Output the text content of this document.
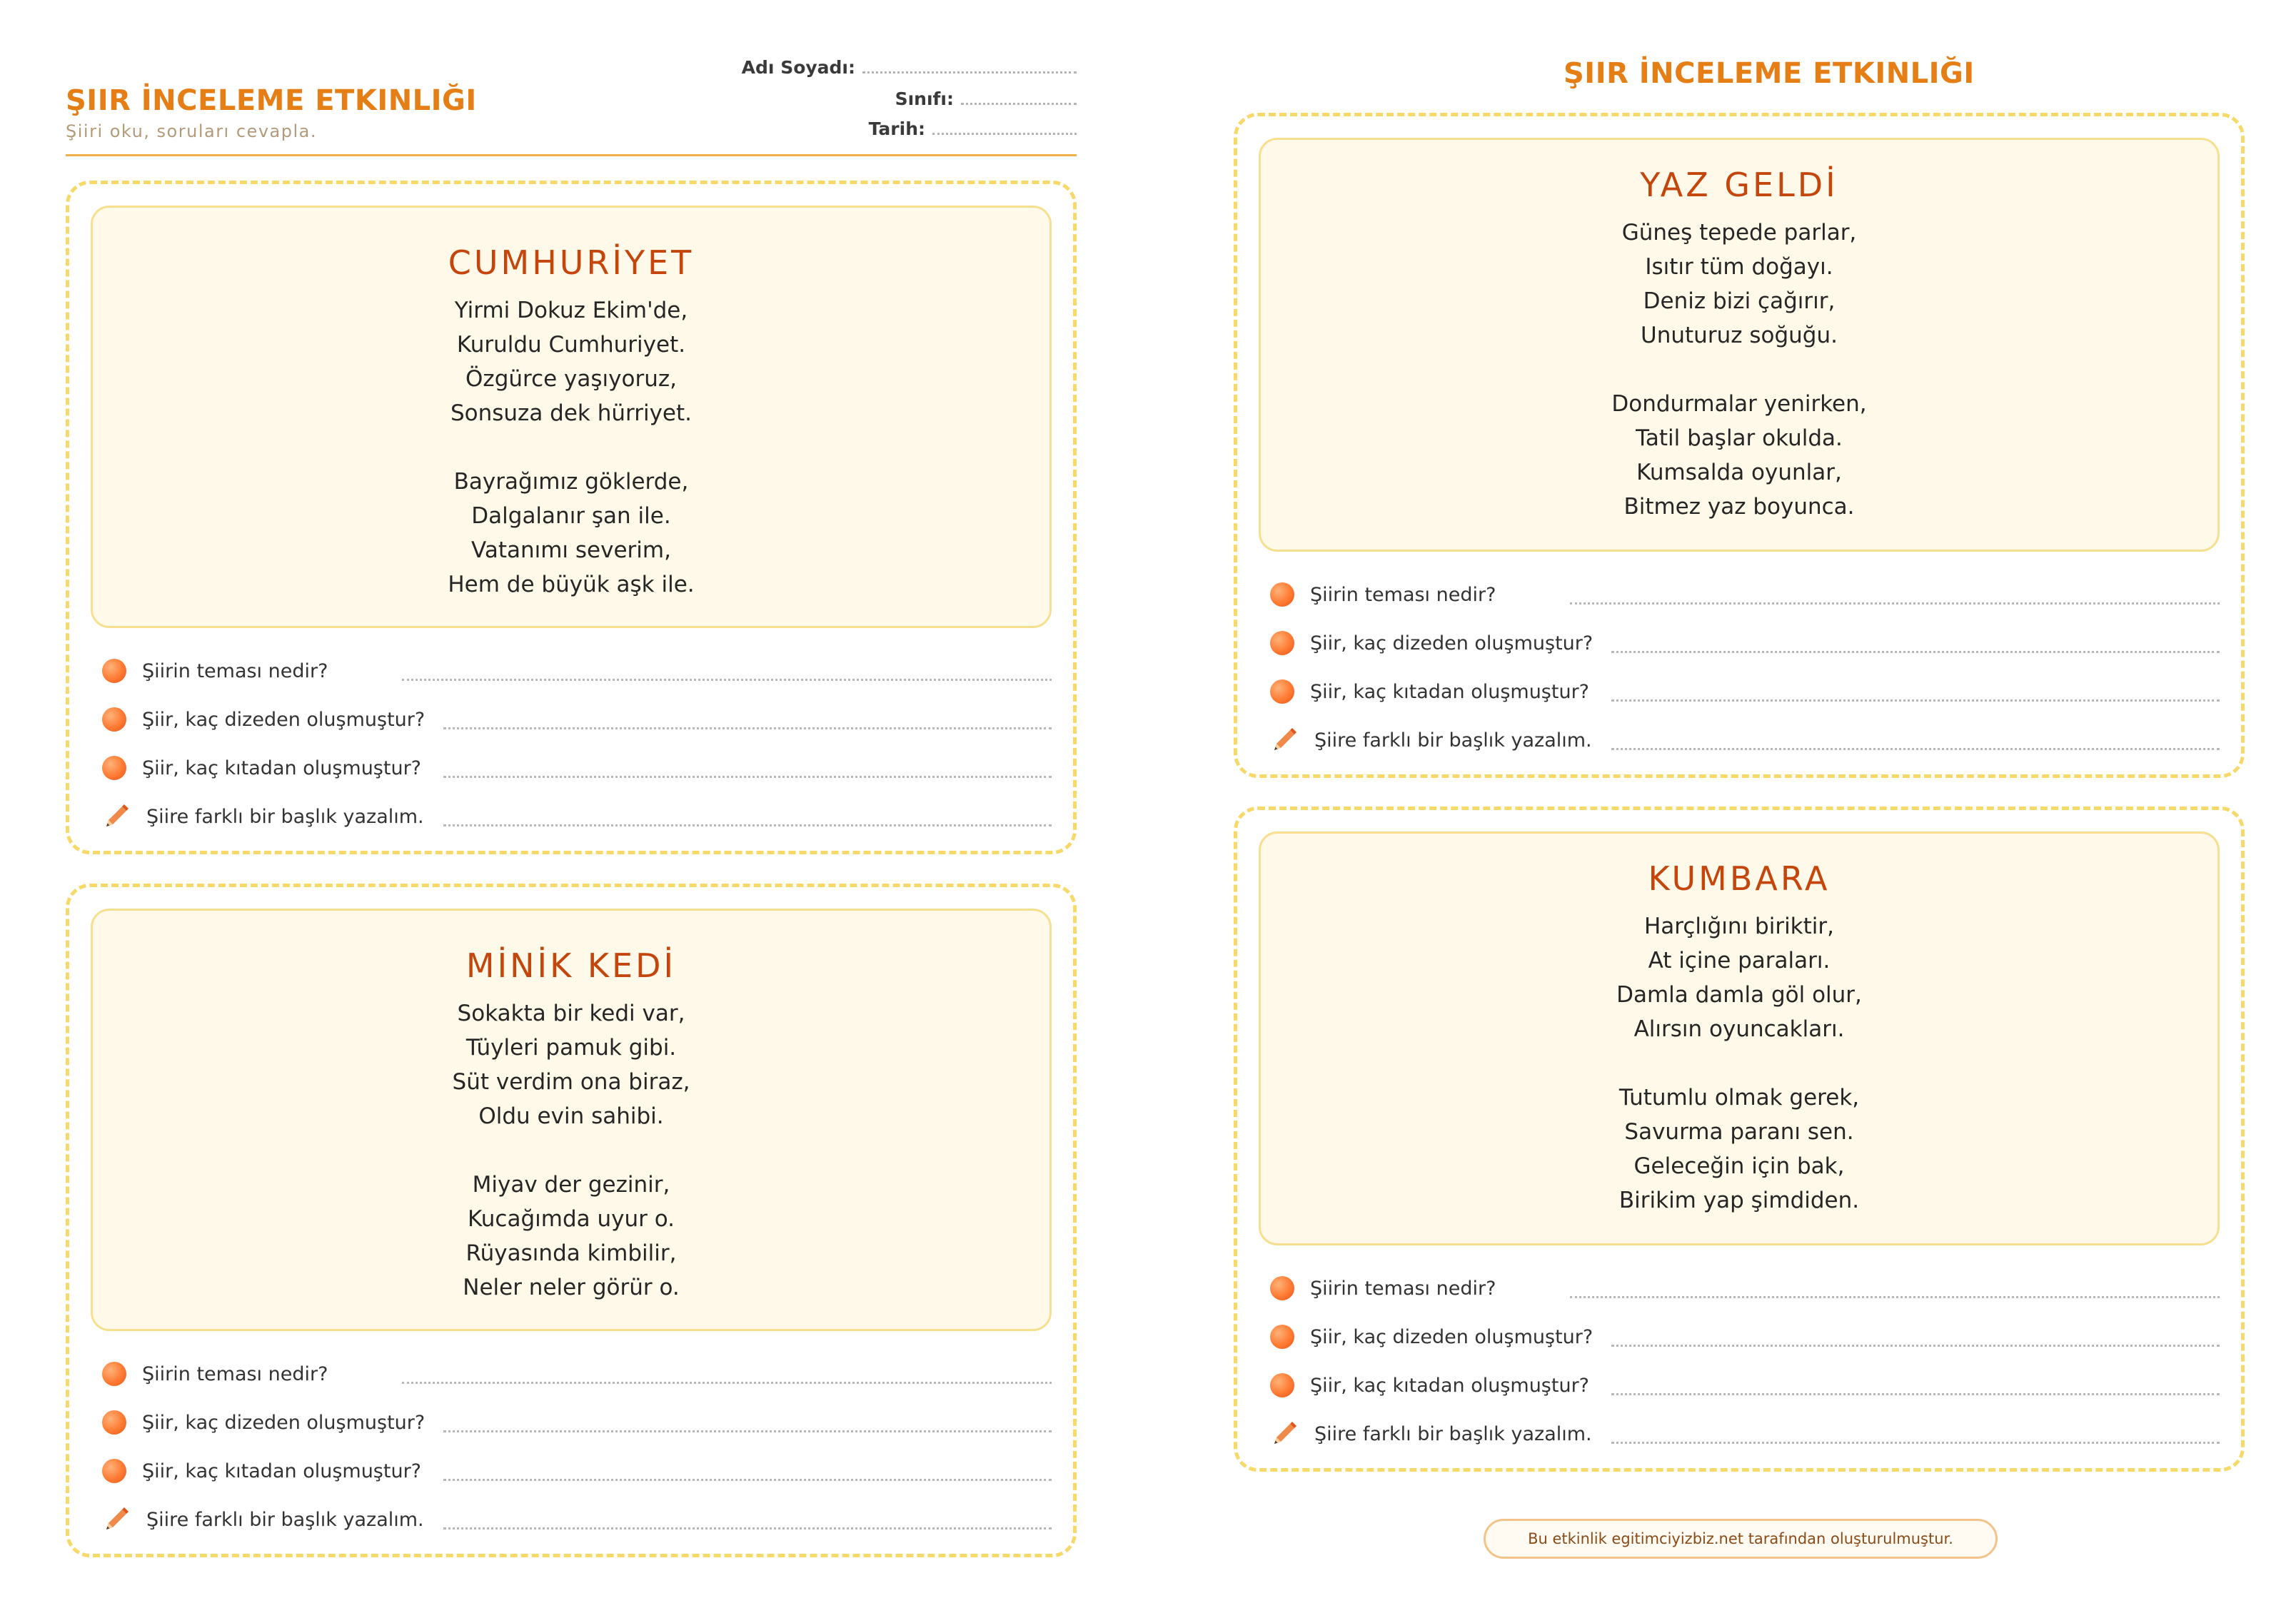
ŞIIR İNCELEME ETKINLIĞI
Şiiri oku, soruları cevapla.
Adı Soyadı:
Sınıfı:
Tarih:
ŞIIR İNCELEME ETKINLIĞI
CUMHURİYET
Yirmi Dokuz Ekim'de,
Kuruldu Cumhuriyet.
Özgürce yaşıyoruz,
Sonsuza dek hürriyet.
Bayrağımız göklerde,
Dalgalanır şan ile.
Vatanımı severim,
Hem de büyük aşk ile.
Şiirin teması nedir?
Şiir, kaç dizeden oluşmuştur?
Şiir, kaç kıtadan oluşmuştur?
Şiire farklı bir başlık yazalım.
MİNİK KEDİ
Sokakta bir kedi var,
Tüyleri pamuk gibi.
Süt verdim ona biraz,
Oldu evin sahibi.
Miyav der gezinir,
Kucağımda uyur o.
Rüyasında kimbilir,
Neler neler görür o.
Şiirin teması nedir?
Şiir, kaç dizeden oluşmuştur?
Şiir, kaç kıtadan oluşmuştur?
Şiire farklı bir başlık yazalım.
YAZ GELDİ
Güneş tepede parlar,
Isıtır tüm doğayı.
Deniz bizi çağırır,
Unuturuz soğuğu.
Dondurmalar yenirken,
Tatil başlar okulda.
Kumsalda oyunlar,
Bitmez yaz boyunca.
Şiirin teması nedir?
Şiir, kaç dizeden oluşmuştur?
Şiir, kaç kıtadan oluşmuştur?
Şiire farklı bir başlık yazalım.
KUMBARA
Harçlığını biriktir,
At içine paraları.
Damla damla göl olur,
Alırsın oyuncakları.
Tutumlu olmak gerek,
Savurma paranı sen.
Geleceğin için bak,
Birikim yap şimdiden.
Şiirin teması nedir?
Şiir, kaç dizeden oluşmuştur?
Şiir, kaç kıtadan oluşmuştur?
Şiire farklı bir başlık yazalım.
Bu etkinlik egitimciyizbiz.net tarafından oluşturulmuştur.
